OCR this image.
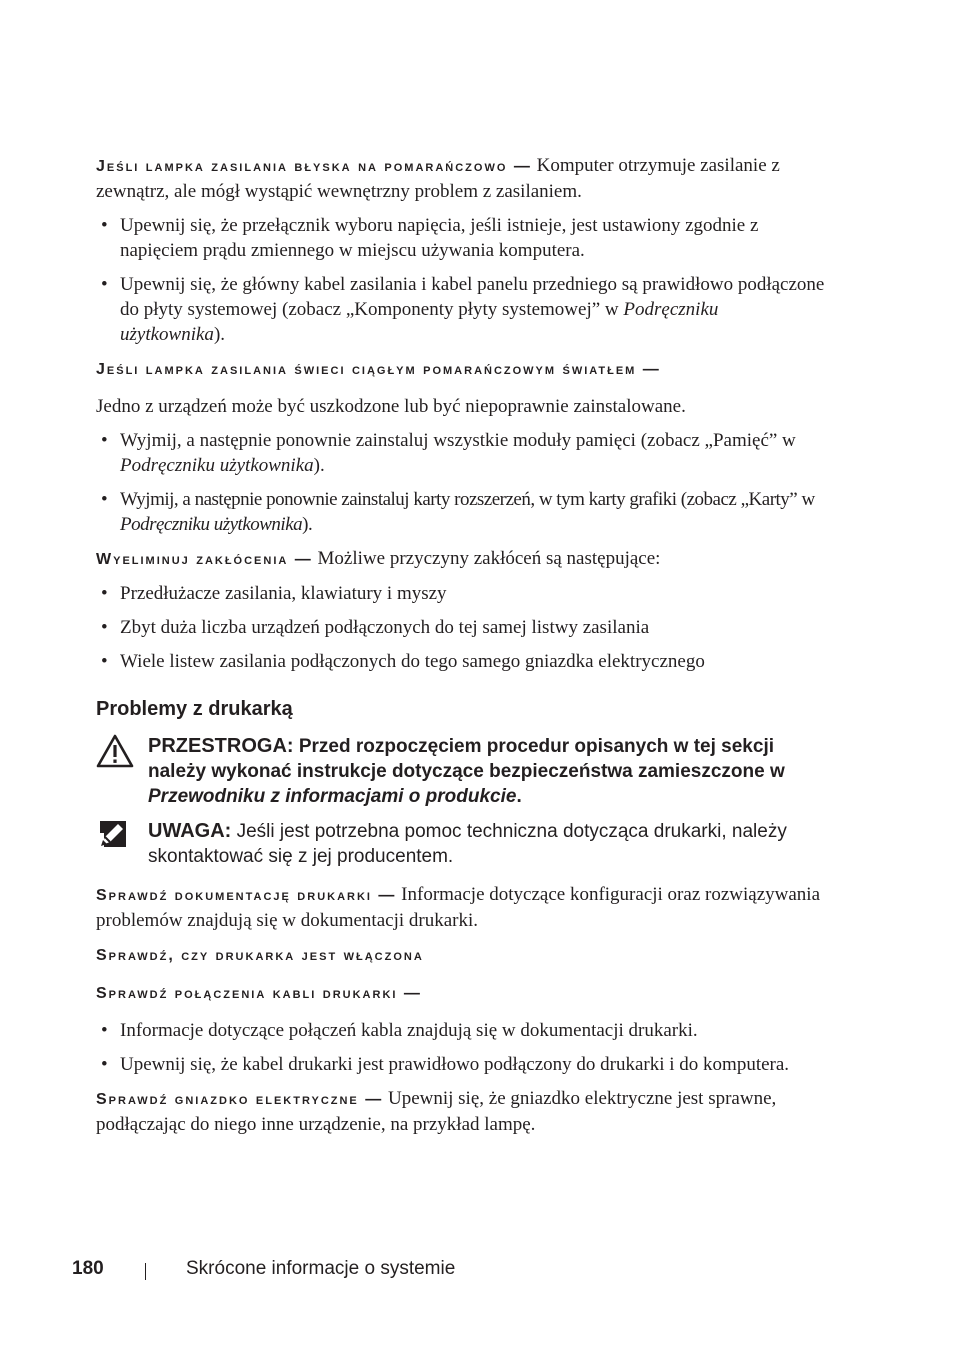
Jeśli lampka zasilania błyska na pomarańczowo — Komputer otrzymuje zasilanie z zewnątrz, ale mógł wystąpić wewnętrzny problem z zasilaniem.

• Upewnij się, że przełącznik wyboru napięcia, jeśli istnieje, jest ustawiony zgodnie z napięciem prądu zmiennego w miejscu używania komputera.
• Upewnij się, że główny kabel zasilania i kabel panelu przedniego są prawidłowo podłączone do płyty systemowej (zobacz „Komponenty płyty systemowej” w Podręczniku użytkownika).

Jeśli lampka zasilania świeci ciągłym pomarańczowym światłem —

Jedno z urządzeń może być uszkodzone lub być niepoprawnie zainstalowane.

• Wyjmij, a następnie ponownie zainstaluj wszystkie moduły pamięci (zobacz „Pamięć” w Podręczniku użytkownika).
• Wyjmij, a następnie ponownie zainstaluj karty rozszerzeń, w tym karty grafiki (zobacz „Karty” w Podręczniku użytkownika).

Wyeliminuj zakłócenia — Możliwe przyczyny zakłóceń są następujące:

• Przedłużacze zasilania, klawiatury i myszy
• Zbyt duża liczba urządzeń podłączonych do tej samej listwy zasilania
• Wiele listew zasilania podłączonych do tego samego gniazdka elektrycznego
Problemy z drukarką
PRZESTROGA: Przed rozpoczęciem procedur opisanych w tej sekcji należy wykonać instrukcje dotyczące bezpieczeństwa zamieszczone w Przewodniku z informacjami o produkcie.
UWAGA: Jeśli jest potrzebna pomoc techniczna dotycząca drukarki, należy skontaktować się z jej producentem.

Sprawdź dokumentację drukarki — Informacje dotyczące konfiguracji oraz rozwiązywania problemów znajdują się w dokumentacji drukarki.

Sprawdź, czy drukarka jest włączona

Sprawdź połączenia kabli drukarki —

• Informacje dotyczące połączeń kabla znajdują się w dokumentacji drukarki.
• Upewnij się, że kabel drukarki jest prawidłowo podłączony do drukarki i do komputera.

Sprawdź gniazdko elektryczne — Upewnij się, że gniazdko elektryczne jest sprawne, podłączając do niego inne urządzenie, na przykład lampę.

180	Skrócone informacje o systemie
